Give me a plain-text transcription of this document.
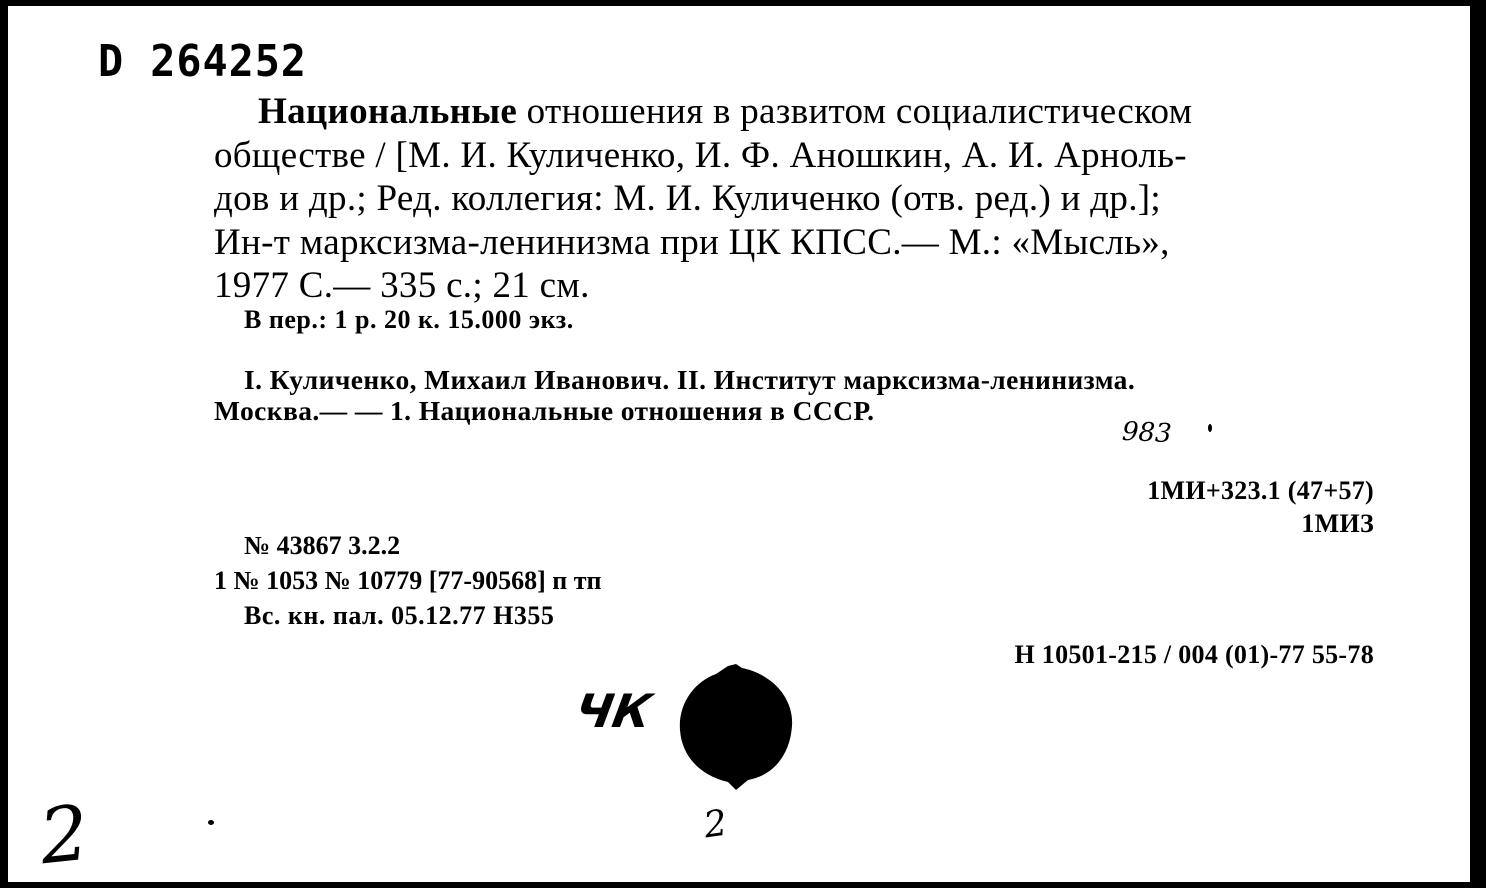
D 264252
Национальные отношения в развитом социалистическом
обществе / [М. И. Куличенко, И. Ф. Аношкин, А. И. Арноль-
дов и др.; Ред. коллегия: М. И. Куличенко (отв. ред.) и др.];
Ин-т марксизма-ленинизма при ЦК КПСС.— М.: «Мысль»,
1977 С.— 335 с.; 21 см.
В пер.: 1 р. 20 к. 15.000 экз.
I. Куличенко, Михаил Иванович. II. Институт марксизма-ленинизма.
Москва.— — 1. Национальные отношения в СССР.
983
1МИ+323.1 (47+57)
1МИЗ
№ 43867 3.2.2
1 № 1053 № 10779 [77-90568] п тп
Вс. кн. пал. 05.12.77 Н355
Н 10501-215 / 004 (01)-77 55-78
ЧК
2	2
